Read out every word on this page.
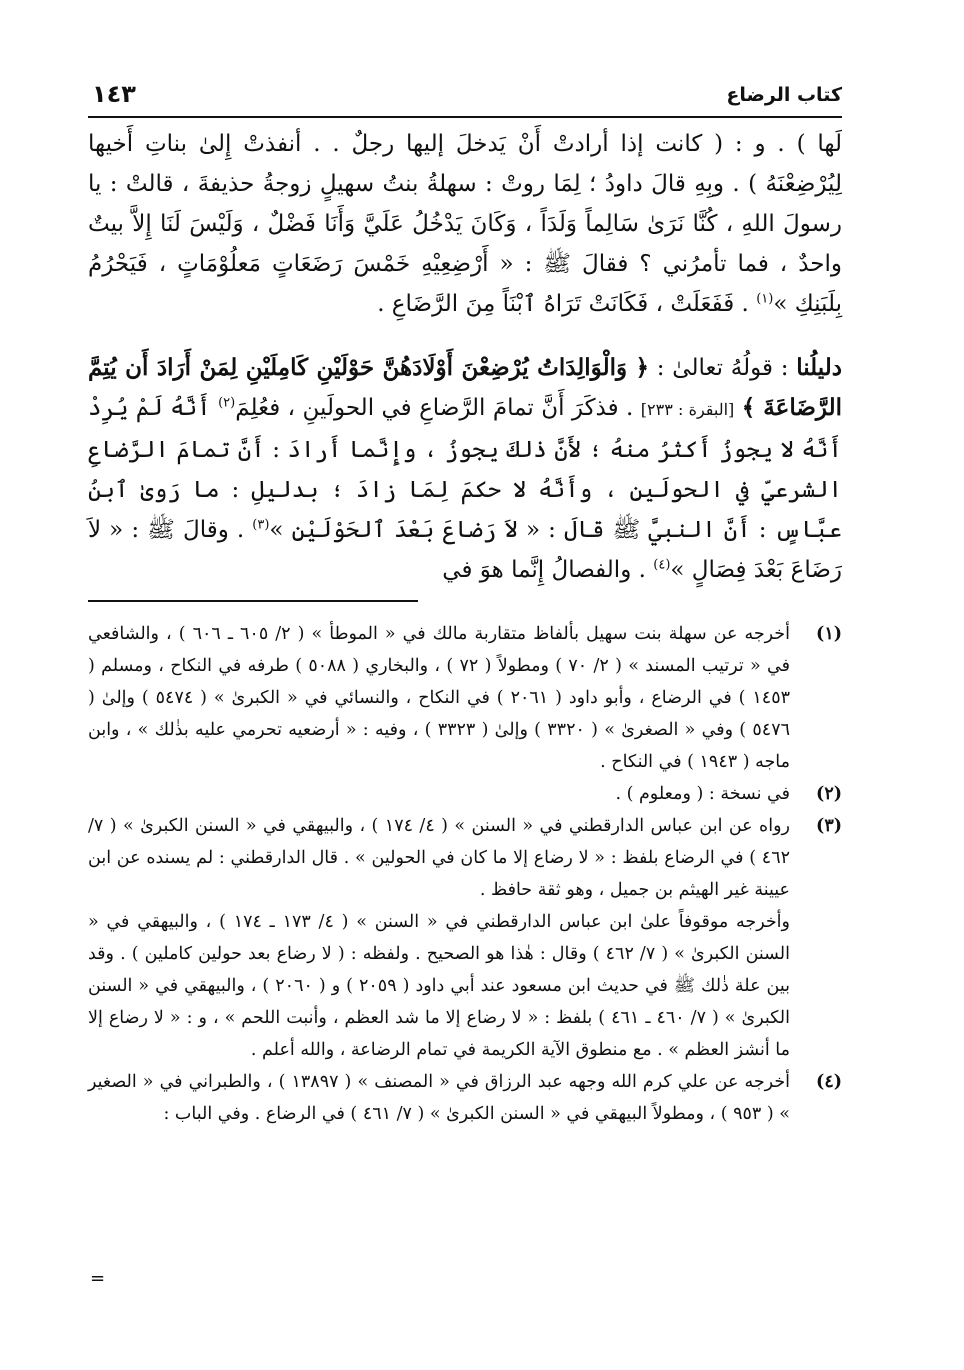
كتاب الرضاع
١٤٣

لَها ) . و : ( كانت إذا أرادتْ أَنْ يَدخلَ إليها رجلٌ . . أنفذتْ إِلىٰ بناتِ أَخيها لِيُرْضِعْنَهُ ) . وبِهِ قالَ داودُ ؛ لِمَا روتْ : سهلةُ بنتُ سهيلٍ زوجةُ حذيفةَ ، قالتْ : يا رسولَ اللهِ ، كُنَّا نَرَىٰ سَالِماً وَلَدَاً ، وَكَانَ يَدْخُلُ عَلَيَّ وَأَنَا فَضْلٌ ، وَلَيْسَ لَنَا إِلاَّ بيتٌ واحدٌ ، فما تأمرُني ؟ فقالَ ﷺ : « أَرْضِعِيْهِ خَمْسَ رَضَعَاتٍ مَعلُوْمَاتٍ ، فَيَحْرُمُ بِلَبَنِكِ »$^{(١)}$ . فَفَعَلَتْ ، فَكَانَتْ تَرَاهُ ٱبْنَاً مِنَ الرَّضَاعِ .

دليلُنا : قولُهُ تعالىٰ : ﴿ وَالْوَالِدَاتُ يُرْضِعْنَ أَوْلَادَهُنَّ حَوْلَيْنِ كَامِلَيْنِ لِمَنْ أَرَادَ أَن يُتِمَّ الرَّضَاعَةَ ﴾ [البقرة : ٢٣٣] . فذكَرَ أَنَّ تمامَ الرَّضاعِ في الحولَينِ ، فعُلِمَ$^{(٢)}$ أَنَّهُ لَمْ يُرِدْ أَنَّهُ لا يجوزُ أَكثرُ منهُ ؛ لأَنَّ ذٰلكَ يجوزُ ، وإِنَّما أَرادَ : أَنَّ تمامَ الرَّضاعِ الشرعيِّ في الحولَينِ ، وأَنَّهُ لا حكمَ لِمَا زادَ ؛ بدليلِ : ما رَوىٰ ٱبنُ عبَّاسٍ : أَنَّ النبيَّ ﷺ قالَ : « لاَ رَضاعَ بَعْدَ ٱلحَوْلَيْنِ »$^{(٣)}$ . وقالَ ﷺ : « لاَ رَضَاعَ بَعْدَ فِصَالٍ »$^{(٤)}$ . والفصالُ إِنَّما هوَ في

(١)

أخرجه عن سهلة بنت سهيل بألفاظ متقاربة مالك في « الموطأ » ( ٢/ ٦٠٥ ـ ٦٠٦ ) ، والشافعي في « ترتيب المسند » ( ٢/ ٧٠ ) ومطولاً ( ٧٢ ) ، والبخاري ( ٥٠٨٨ ) طرفه في النكاح ، ومسلم ( ١٤٥٣ ) في الرضاع ، وأبو داود ( ٢٠٦١ ) في النكاح ، والنسائي في « الكبرىٰ » ( ٥٤٧٤ ) وإلىٰ ( ٥٤٧٦ ) وفي « الصغرىٰ » ( ٣٣٢٠ ) وإلىٰ ( ٣٣٢٣ ) ، وفيه : « أرضعيه تحرمي عليه بذٰلك » ، وابن ماجه ( ١٩٤٣ ) في النكاح .

(٢)

في نسخة : ( ومعلوم ) .

(٣)

رواه عن ابن عباس الدارقطني في « السنن » ( ٤/ ١٧٤ ) ، والبيهقي في « السنن الكبرىٰ » ( ٧/ ٤٦٢ ) في الرضاع بلفظ : « لا رضاع إلا ما كان في الحولين » . قال الدارقطني : لم يسنده عن ابن عيينة غير الهيثم بن جميل ، وهو ثقة حافظ .

وأخرجه موقوفاً علىٰ ابن عباس الدارقطني في « السنن » ( ٤/ ١٧٣ ـ ١٧٤ ) ، والبيهقي في « السنن الكبرىٰ » ( ٧/ ٤٦٢ ) وقال : هٰذا هو الصحيح . ولفظه : ( لا رضاع بعد حولين كاملين ) . وقد بين علة ذٰلك ﷺ في حديث ابن مسعود عند أبي داود ( ٢٠٥٩ ) و ( ٢٠٦٠ ) ، والبيهقي في « السنن الكبرىٰ » ( ٧/ ٤٦٠ ـ ٤٦١ ) بلفظ : « لا رضاع إلا ما شد العظم ، وأنبت اللحم » ، و : « لا رضاع إلا ما أنشز العظم » . مع منطوق الآية الكريمة في تمام الرضاعة ، والله أعلم .

(٤)

أخرجه عن علي كرم الله وجهه عبد الرزاق في « المصنف » ( ١٣٨٩٧ ) ، والطبراني في « الصغير » ( ٩٥٣ ) ، ومطولاً البيهقي في « السنن الكبرىٰ » ( ٧/ ٤٦١ ) في الرضاع . وفي الباب :

=
